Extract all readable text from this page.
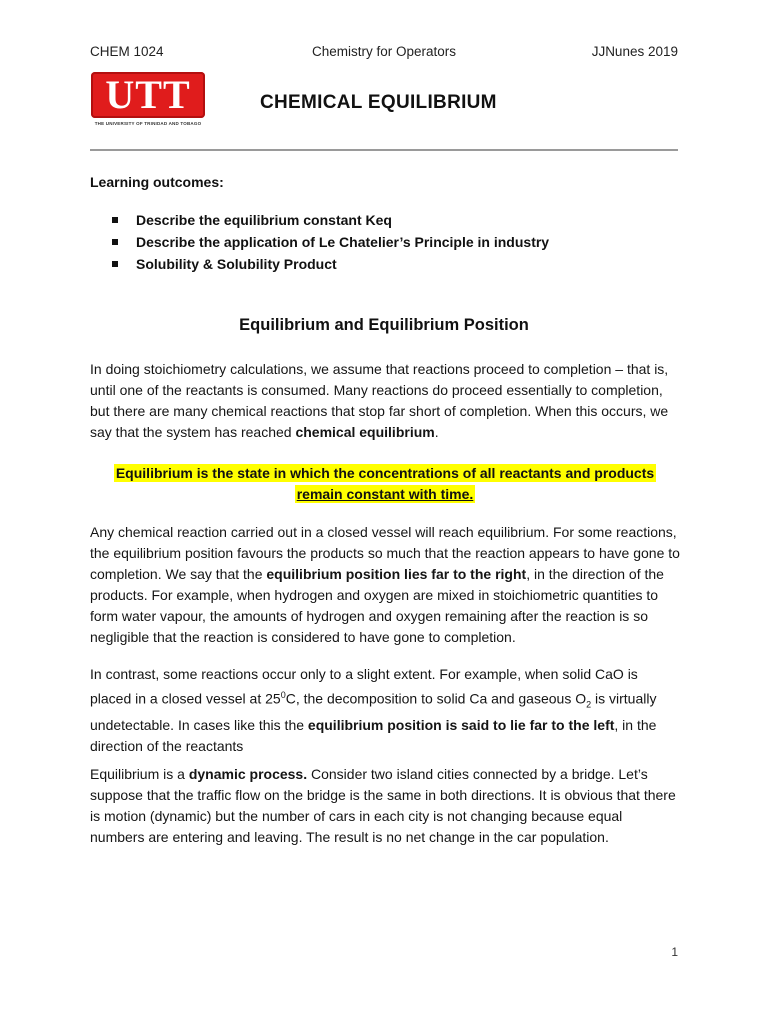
CHEM 1024	Chemistry for Operators	JJNunes 2019
UTT
THE UNIVERSITY OF TRINIDAD AND TOBAGO
CHEMICAL EQUILIBRIUM
Learning outcomes:
Describe the equilibrium constant Keq
Describe the application of Le Chatelier’s Principle in industry
Solubility & Solubility Product
Equilibrium and Equilibrium Position

In doing stoichiometry calculations, we assume that reactions proceed to completion – that is, until one of the reactants is consumed. Many reactions do proceed essentially to completion, but there are many chemical reactions that stop far short of completion. When this occurs, we say that the system has reached chemical equilibrium.

Equilibrium is the state in which the concentrations of all reactants and products
remain constant with time.

Any chemical reaction carried out in a closed vessel will reach equilibrium. For some reactions, the equilibrium position favours the products so much that the reaction appears to have gone to completion. We say that the equilibrium position lies far to the right, in the direction of the products. For example, when hydrogen and oxygen are mixed in stoichiometric quantities to form water vapour, the amounts of hydrogen and oxygen remaining after the reaction is so negligible that the reaction is considered to have gone to completion.

In contrast, some reactions occur only to a slight extent. For example, when solid CaO is placed in a closed vessel at $25^0C$, the decomposition to solid Ca and gaseous $O_2$ is virtually undetectable. In cases like this the equilibrium position is said to lie far to the left, in the direction of the reactants

Equilibrium is a dynamic process. Consider two island cities connected by a bridge. Let’s suppose that the traffic flow on the bridge is the same in both directions. It is obvious that there is motion (dynamic) but the number of cars in each city is not changing because equal numbers are entering and leaving. The result is no net change in the car population.

1
